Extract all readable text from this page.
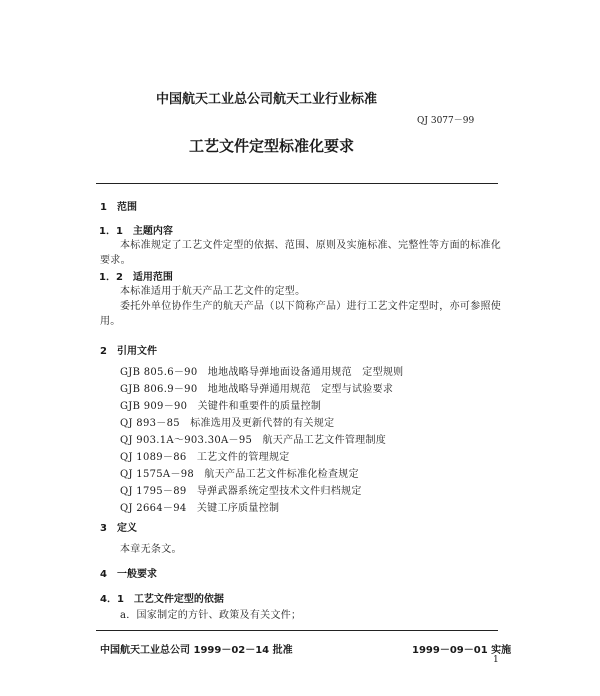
中国航天工业总公司航天工业行业标准
QJ 3077－99
工艺文件定型标准化要求
1　范围
1．1　主题内容
本标准规定了工艺文件定型的依据、范围、原则及实施标准、完整性等方面的标准化
要求。
1．2　适用范围
本标准适用于航天产品工艺文件的定型。
委托外单位协作生产的航天产品（以下简称产品）进行工艺文件定型时，亦可参照使
用。
2　引用文件
GJB 805.6－90　地地战略导弹地面设备通用规范　定型规则
GJB 806.9－90　地地战略导弹通用规范　定型与试验要求
GJB 909－90　关键件和重要件的质量控制
QJ 893－85　标准选用及更新代替的有关规定
QJ 903.1A～903.30A－95　航天产品工艺文件管理制度
QJ 1089－86　工艺文件的管理规定
QJ 1575A－98　航天产品工艺文件标准化检查规定
QJ 1795－89　导弹武器系统定型技术文件归档规定
QJ 2664－94　关键工序质量控制
3　定义
本章无条文。
4　一般要求
4．1　工艺文件定型的依据
a．国家制定的方针、政策及有关文件；
中国航天工业总公司 1999－02－14 批准	1999－09－01 实施
1
